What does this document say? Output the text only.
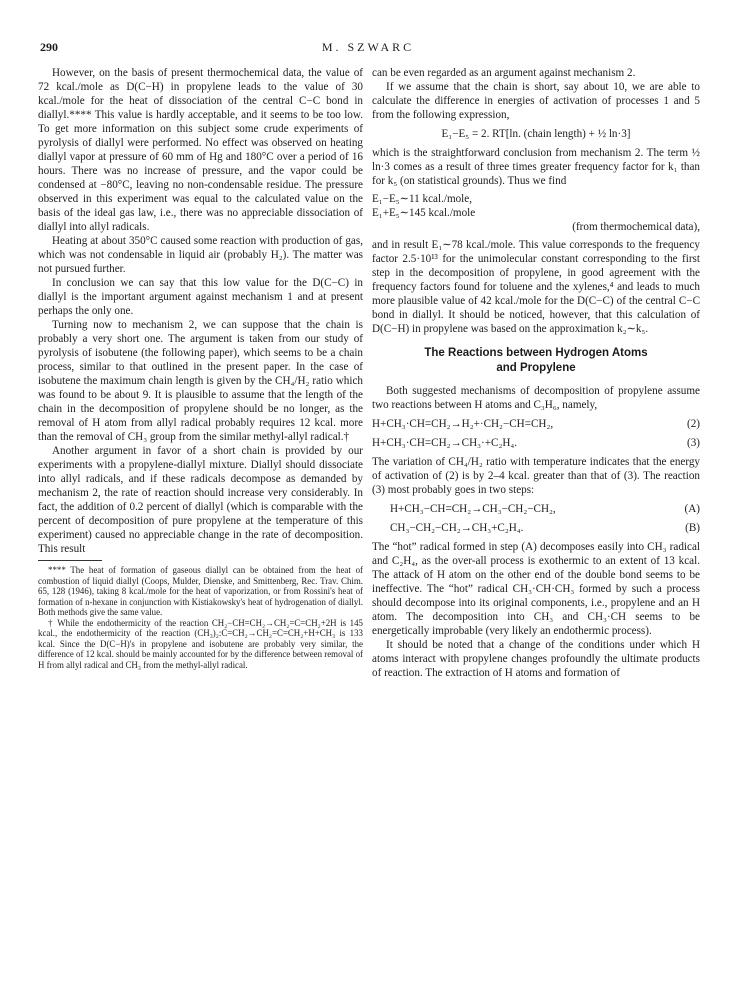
290	M. SZWARC

However, on the basis of present thermochemical data, the value of 72 kcal./mole as D(C−H) in propylene leads to the value of 30 kcal./mole for the heat of dissociation of the central C−C bond in diallyl.**** This value is hardly acceptable, and it seems to be too low. To get more information on this subject some crude experiments of pyrolysis of diallyl were performed. No effect was observed on heating diallyl vapor at pressure of 60 mm of Hg and 180°C over a period of 16 hours. There was no increase of pressure, and the vapor could be condensed at −80°C, leaving no non-condensable residue. The pressure observed in this experiment was equal to the calculated value on the basis of the ideal gas law, i.e., there was no appreciable dissociation of diallyl into allyl radicals.

Heating at about 350°C caused some reaction with production of gas, which was not condensable in liquid air (probably H₂). The matter was not pursued further.

In conclusion we can say that this low value for the D(C−C) in diallyl is the important argument against mechanism 1 and at present perhaps the only one.

Turning now to mechanism 2, we can suppose that the chain is probably a very short one. The argument is taken from our study of pyrolysis of isobutene (the following paper), which seems to be a chain process, similar to that outlined in the present paper. In the case of isobutene the maximum chain length is given by the CH₄/H₂ ratio which was found to be about 9. It is plausible to assume that the length of the chain in the decomposition of propylene should be no longer, as the removal of H atom from allyl radical probably requires 12 kcal. more than the removal of CH₃ group from the similar methyl-allyl radical.†

Another argument in favor of a short chain is provided by our experiments with a propylene-diallyl mixture. Diallyl should dissociate into allyl radicals, and if these radicals decompose as demanded by mechanism 2, the rate of reaction should increase very considerably. In fact, the addition of 0.2 percent of diallyl (which is comparable with the percent of decomposition of pure propylene at the temperature of this experiment) caused no appreciable change in the rate of decomposition. This result

**** The heat of formation of gaseous diallyl can be obtained from the heat of combustion of liquid diallyl (Coops, Mulder, Dienske, and Smittenberg, Rec. Trav. Chim. 65, 128 (1946), taking 8 kcal./mole for the heat of vaporization, or from Rossini's heat of formation of n-hexane in conjunction with Kistiakowsky's heat of hydrogenation of diallyl. Both methods give the same value.

† While the endothermicity of the reaction CH₂−CH=CH₂→CH₂=C=CH₂+2H is 145 kcal., the endothermicity of the reaction (CH₃)₂:C=CH₂→CH₂=C=CH₂+H+CH₃ is 133 kcal. Since the D(C−H)'s in propylene and isobutene are probably very similar, the difference of 12 kcal. should be mainly accounted for by the difference between removal of H from allyl radical and CH₃ from the methyl-allyl radical.

can be even regarded as an argument against mechanism 2.

If we assume that the chain is short, say about 10, we are able to calculate the difference in energies of activation of processes 1 and 5 from the following expression,

E₁−E₅ = 2. RT[ln. (chain length) + ½ ln·3]

which is the straightforward conclusion from mechanism 2. The term ½ ln·3 comes as a result of three times greater frequency factor for k₁ than for k₅ (on statistical grounds). Thus we find

E₁−E₅∼11 kcal./mole,
E₁+E₅∼145 kcal./mole
(from thermochemical data),

and in result E₁∼78 kcal./mole. This value corresponds to the frequency factor 2.5·10¹³ for the unimolecular constant corresponding to the first step in the decomposition of propylene, in good agreement with the frequency factors found for toluene and the xylenes,⁴ and leads to much more plausible value of 42 kcal./mole for the D(C−C) of the central C−C bond in diallyl. It should be noticed, however, that this calculation of D(C−H) in propylene was based on the approximation k₂∼k₅.

The Reactions between Hydrogen Atoms
and Propylene

Both suggested mechanisms of decomposition of propylene assume two reactions between H atoms and C₃H₆, namely,

H+CH₃·CH=CH₂→H₂+·CH₂−CH=CH₂,	(2)
H+CH₃·CH=CH₂→CH₃·+C₂H₄.	(3)

The variation of CH₄/H₂ ratio with temperature indicates that the energy of activation of (2) is by 2–4 kcal. greater than that of (3). The reaction (3) most probably goes in two steps:

H+CH₃−CH=CH₂→CH₃−CH₂−CH₂,	(A)
CH₃−CH₂−CH₂→CH₃+C₂H₄.	(B)

The “hot” radical formed in step (A) decomposes easily into CH₃ radical and C₂H₄, as the over-all process is exothermic to an extent of 13 kcal. The attack of H atom on the other end of the double bond seems to be ineffective. The “hot” radical CH₃·CH·CH₃ formed by such a process should decompose into its original components, i.e., propylene and an H atom. The decomposition into CH₃ and CH₃·CH seems to be energetically improbable (very likely an endothermic process).

It should be noted that a change of the conditions under which H atoms interact with propylene changes profoundly the ultimate products of reaction. The extraction of H atoms and formation of
